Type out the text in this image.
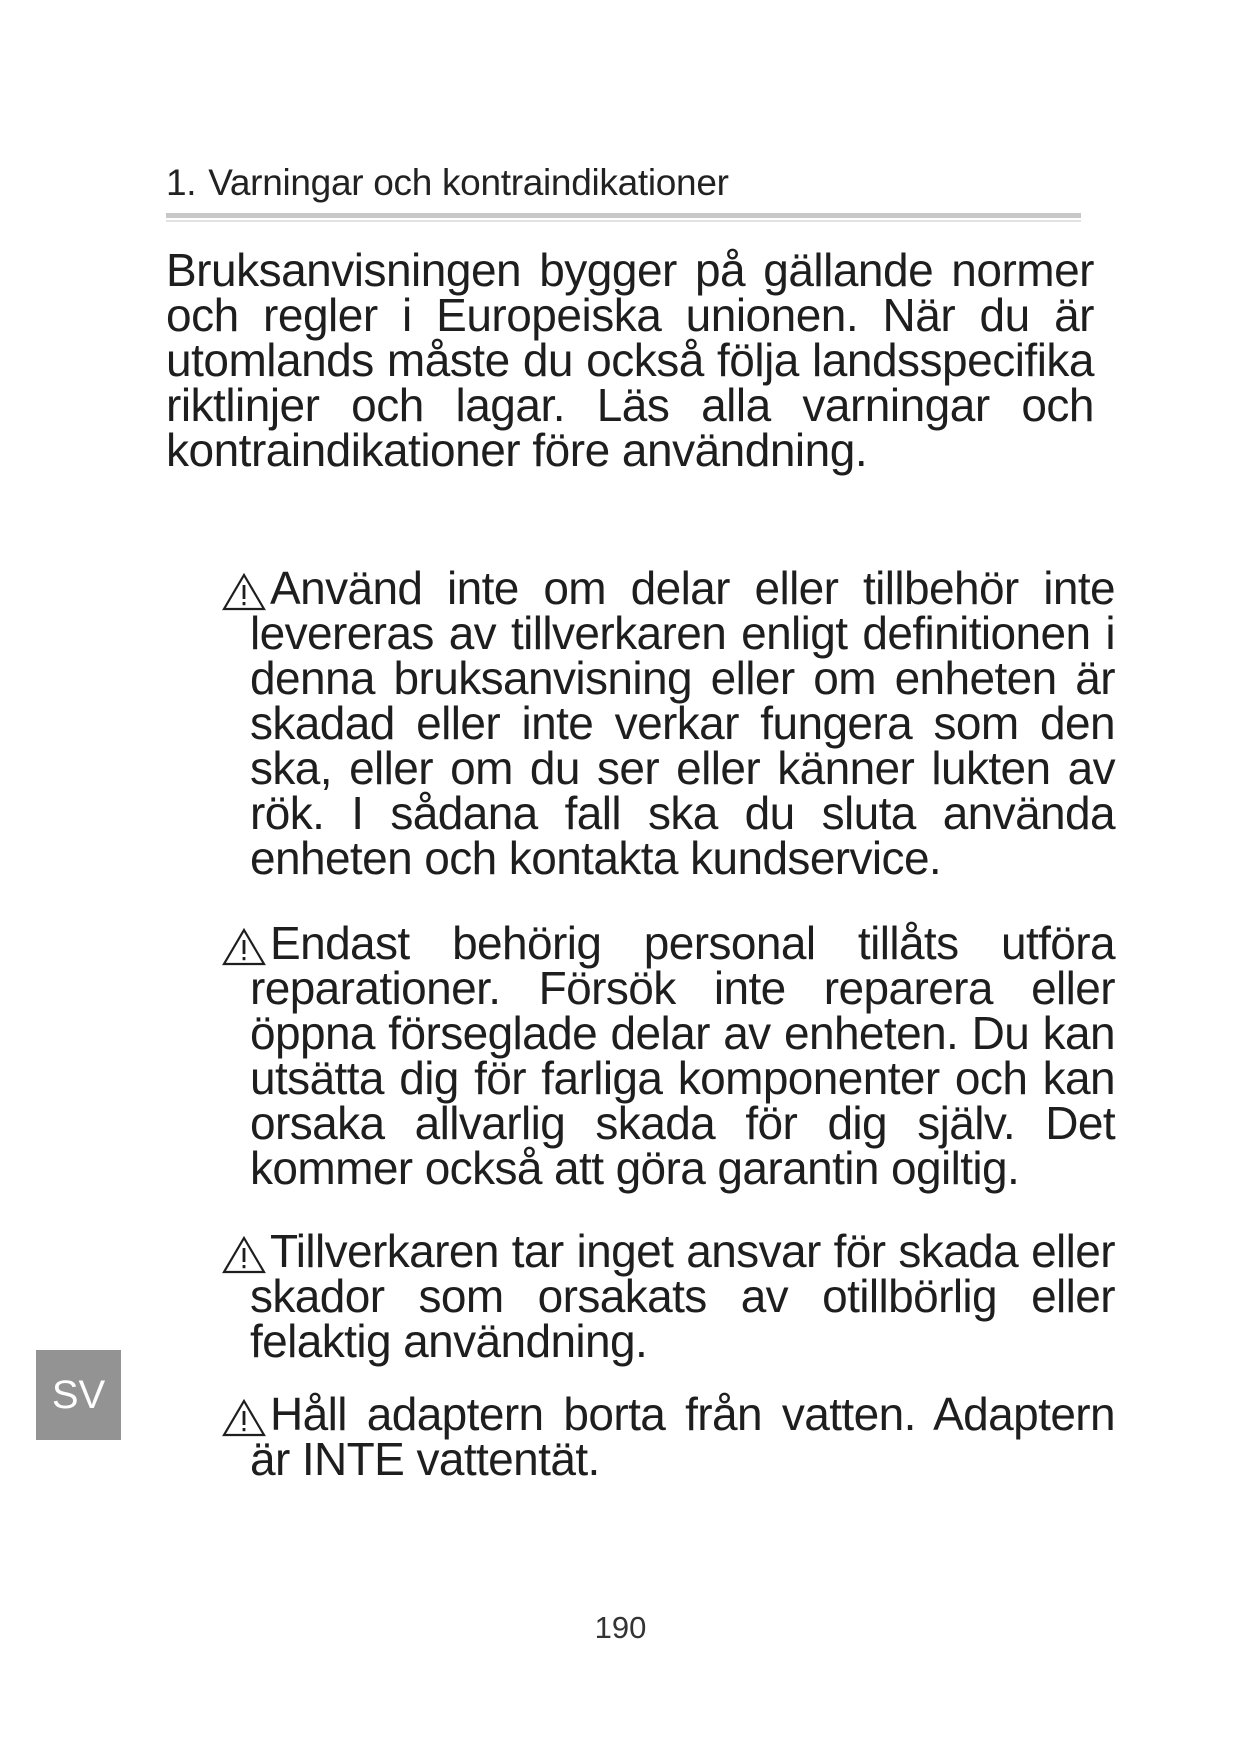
1. Varningar och kontraindikationer

Bruksanvisningen bygger på gällande normer och regler i Europeiska unionen. När du är utomlands måste du också följa landsspecifika riktlinjer och lagar. Läs alla varningar och kontraindikationer före användning.

Använd inte om delar eller tillbehör inte levereras av tillverkaren enligt definitionen i denna bruksanvisning eller om enheten är skadad eller inte verkar fungera som den ska, eller om du ser eller känner lukten av rök. I sådana fall ska du sluta använda enheten och kontakta kundservice.
Endast behörig personal tillåts utföra reparationer. Försök inte reparera eller öppna förseglade delar av enheten. Du kan utsätta dig för farliga komponenter och kan orsaka allvarlig skada för dig själv. Det kommer också att göra garantin ogiltig.
Tillverkaren tar inget ansvar för skada eller skador som orsakats av otillbörlig eller felaktig användning.
Håll adaptern borta från vatten. Adaptern är INTE vattentät.
SV
190
